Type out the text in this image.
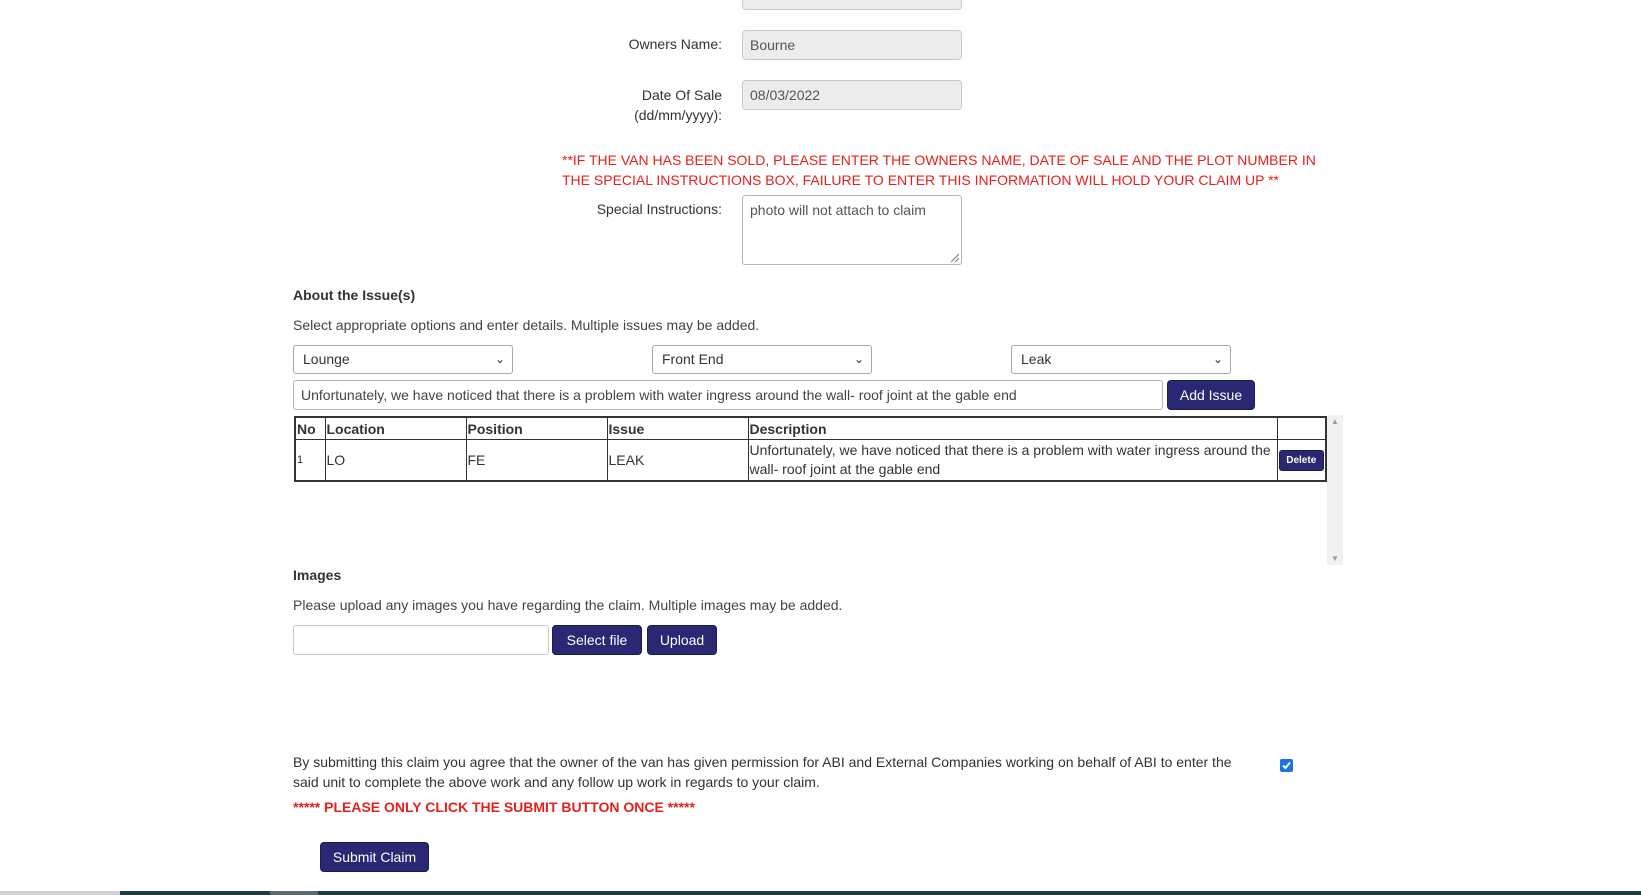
Owners Name:	Bourne
Date Of Sale (dd/mm/yyyy):
08/03/2022
**IF THE VAN HAS BEEN SOLD, PLEASE ENTER THE OWNERS NAME, DATE OF SALE AND THE PLOT NUMBER IN THE SPECIAL INSTRUCTIONS BOX, FAILURE TO ENTER THIS INFORMATION WILL HOLD YOUR CLAIM UP **
Special Instructions:	photo will not attach to claim
About the Issue(s)
Select appropriate options and enter details. Multiple issues may be added.
Lounge	⌄	Front End	⌄	Leak	⌄
Unfortunately, we have noticed that there is a problem with water ingress around the wall- roof joint at the gable end	Add Issue
No	Location	Position	Issue	Description	
1	LO	FE	LEAK	Unfortunately, we have noticed that there is a problem with water ingress around the wall- roof joint at the gable end	Delete
▲
▼
Images
Please upload any images you have regarding the claim. Multiple images may be added.
Select file	Upload
By submitting this claim you agree that the owner of the van has given permission for ABI and External Companies working on behalf of ABI to enter the said unit to complete the above work and any follow up work in regards to your claim.
***** PLEASE ONLY CLICK THE SUBMIT BUTTON ONCE *****
Submit Claim
